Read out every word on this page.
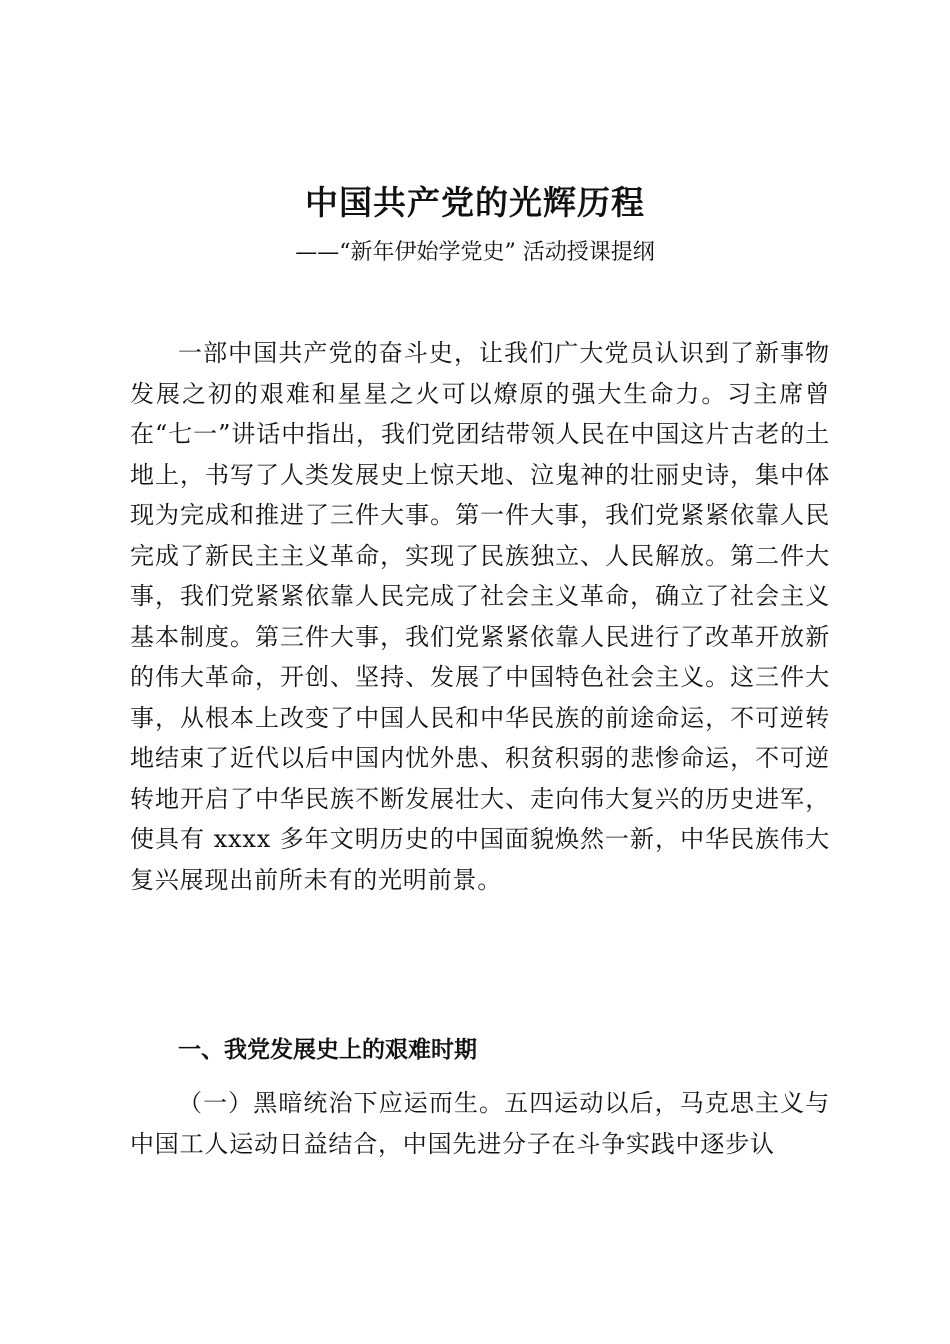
中国共产党的光辉历程
——“新年伊始学党史” 活动授课提纲

一部中国共产党的奋斗史，让我们广大党员认识到了新事物发展之初的艰难和星星之火可以燎原的强大生命力。习主席曾在“七一”讲话中指出，我们党团结带领人民在中国这片古老的土地上，书写了人类发展史上惊天地、泣鬼神的壮丽史诗，集中体现为完成和推进了三件大事。第一件大事，我们党紧紧依靠人民完成了新民主主义革命，实现了民族独立、人民解放。第二件大事，我们党紧紧依靠人民完成了社会主义革命，确立了社会主义基本制度。第三件大事，我们党紧紧依靠人民进行了改革开放新的伟大革命，开创、坚持、发展了中国特色社会主义。这三件大事，从根本上改变了中国人民和中华民族的前途命运，不可逆转地结束了近代以后中国内忧外患、积贫积弱的悲惨命运，不可逆转地开启了中华民族不断发展壮大、走向伟大复兴的历史进军，使具有 xxxx 多年文明历史的中国面貌焕然一新，中华民族伟大复兴展现出前所未有的光明前景。

一、我党发展史上的艰难时期

（一）黑暗统治下应运而生。五四运动以后，马克思主义与中国工人运动日益结合，中国先进分子在斗争实践中逐步认
